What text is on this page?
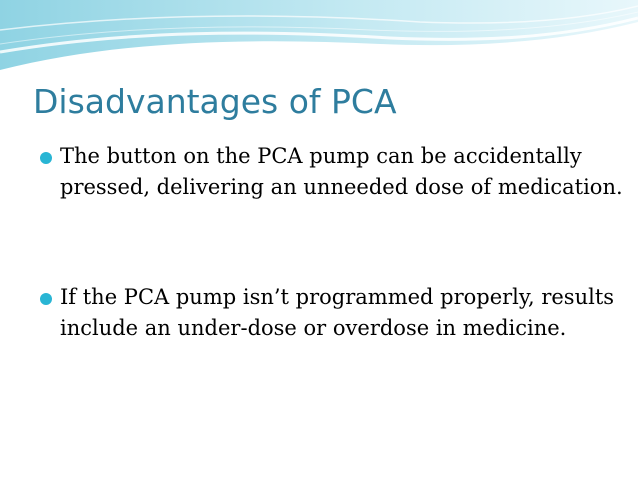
Disadvantages of PCA
The button on the PCA pump can be accidentally pressed, delivering an unneeded dose of medication.
If the PCA pump isn’t programmed properly, results include an under-dose or overdose in medicine.
